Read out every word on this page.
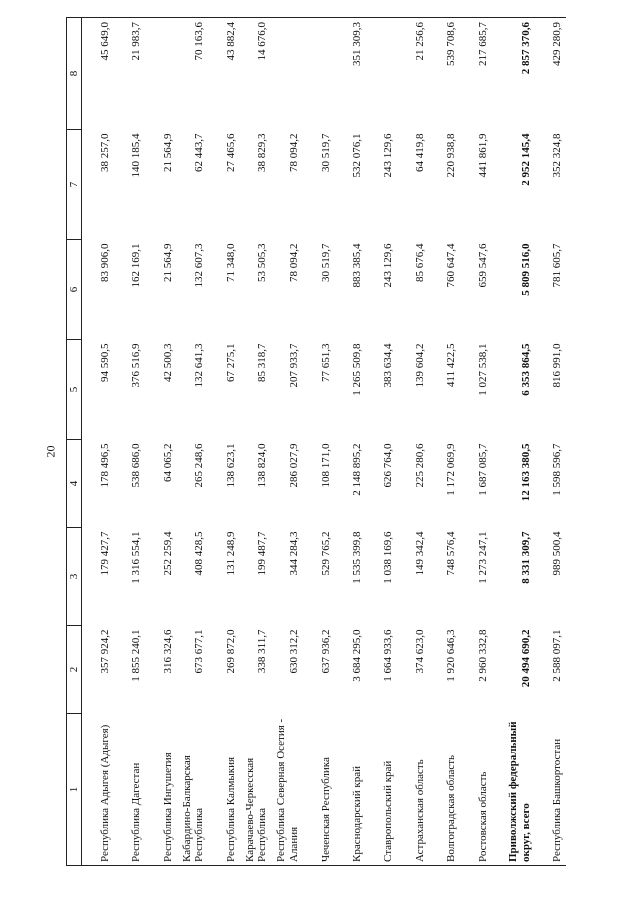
20
1	2	3	4	5	6	7	8
Республика Адыгея (Адыгея)	357 924,2	179 427,7	178 496,5	94 590,5	83 906,0	38 257,0	45 649,0
Республика Дагестан	1 855 240,1	1 316 554,1	538 686,0	376 516,9	162 169,1	140 185,4	21 983,7
Республика Ингушетия	316 324,6	252 259,4	64 065,2	42 500,3	21 564,9	21 564,9	
Кабардино-Балкарская Республика	673 677,1	408 428,5	265 248,6	132 641,3	132 607,3	62 443,7	70 163,6
Республика Калмыкия	269 872,0	131 248,9	138 623,1	67 275,1	71 348,0	27 465,6	43 882,4
Карачаево-Черкесская Республика	338 311,7	199 487,7	138 824,0	85 318,7	53 505,3	38 829,3	14 676,0
Республика Северная Осетия - Алания	630 312,2	344 284,3	286 027,9	207 933,7	78 094,2	78 094,2	
Чеченская Республика	637 936,2	529 765,2	108 171,0	77 651,3	30 519,7	30 519,7	
Краснодарский край	3 684 295,0	1 535 399,8	2 148 895,2	1 265 509,8	883 385,4	532 076,1	351 309,3
Ставропольский край	1 664 933,6	1 038 169,6	626 764,0	383 634,4	243 129,6	243 129,6	
Астраханская область	374 623,0	149 342,4	225 280,6	139 604,2	85 676,4	64 419,8	21 256,6
Волгоградская область	1 920 646,3	748 576,4	1 172 069,9	411 422,5	760 647,4	220 938,8	539 708,6
Ростовская область	2 960 332,8	1 273 247,1	1 687 085,7	1 027 538,1	659 547,6	441 861,9	217 685,7
Приволжский федеральный округ, всего	20 494 690,2	8 331 309,7	12 163 380,5	6 353 864,5	5 809 516,0	2 952 145,4	2 857 370,6
Республика Башкортостан	2 588 097,1	989 500,4	1 598 596,7	816 991,0	781 605,7	352 324,8	429 280,9
